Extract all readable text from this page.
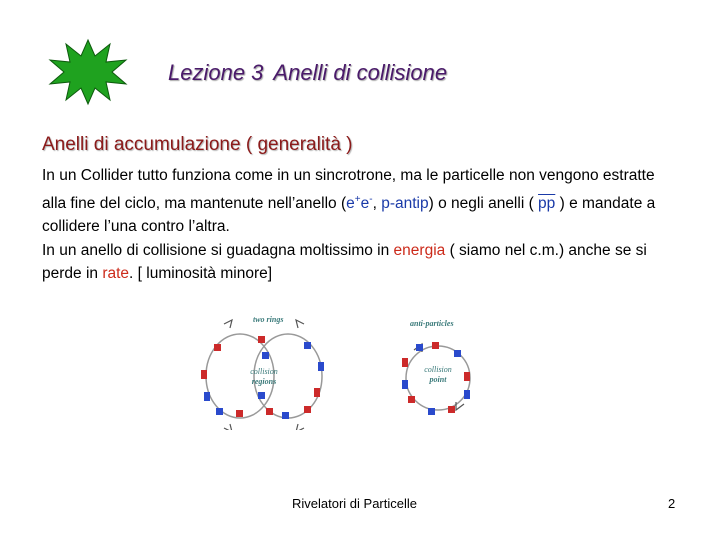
Lezione 3 Anelli di collisione
Anelli di accumulazione ( generalità )

In un Collider tutto funziona come in un sincrotrone, ma le particelle non vengono estratte alla fine del ciclo, ma mantenute nell’anello (e+e-, p-antip) o negli anelli ( $\overline{pp}$ ) e mandate a collidere l’una contro l’altra.

In un anello di collisione si guadagna moltissimo in energia ( siamo nel c.m.) anche se si perde in rate. [ luminosità minore]

two rings
collision
regions
anti-particles
collision
point
Rivelatori di Particelle	2
